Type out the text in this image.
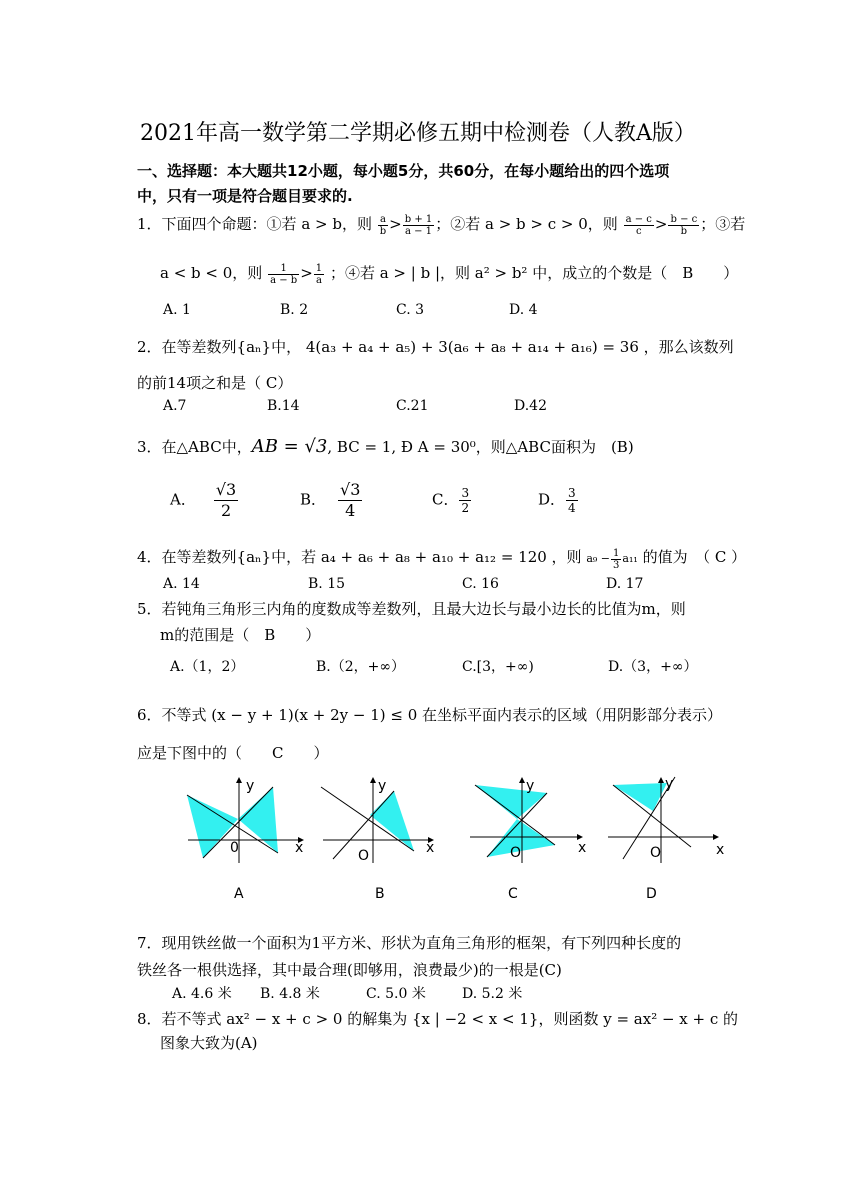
2021年高一数学第二学期必修五期中检测卷（人教A版）
一、选择题：本大题共12小题，每小题5分，共60分，在每小题给出的四个选项
中，只有一项是符合题目要求的.
1．下面四个命题：①若 a > b，则 $\frac{a}{b} > \frac{b + 1}{a - 1}$ ；②若 a > b > c > 0，则 $\frac{a - c}{c} > \frac{b - c}{b}$ ；③若
a < b < 0，则 $\frac{1}{a - b} > \frac{1}{a}$ ；④若 a > | b |，则 a² > b² 中，成立的个数是（　B　　）
A. 1	B. 2	C. 3	D. 4
2．在等差数列{aₙ}中， 4(a₃ + a₄ + a₅) + 3(a₆ + a₈ + a₁₄ + a₁₆) = 36 ，那么该数列
的前14项之和是（ C）
A.7	B.14	C.21	D.42
3．在△ABC中，AB = √3, BC = 1, Ð A = 30⁰，则△ABC面积为　(B)
A． $\frac{√3}{2}$	B． $\frac{√3}{4}$	C． $\frac{3}{2}$	D． $\frac{3}{4}$
4．在等差数列{aₙ}中，若 a₄ + a₆ + a₈ + a₁₀ + a₁₂ = 120 ，则 $a_9 - \frac{1}{3} a_{11}$ 的值为　（ C ）
A. 14	B. 15	C. 16	D. 17
5．若钝角三角形三内角的度数成等差数列，且最大边长与最小边长的比值为m，则
m的范围是（　B　　）
A.（1，2）	B.（2，+∞）	C.[3，+∞)	D.（3，+∞）
6．不等式 (x − y + 1)(x + 2y − 1) ≤ 0 在坐标平面内表示的区域（用阴影部分表示）
应是下图中的（　　C　　）
y
x
0
A
y
x
O
B
y
x
O
C
y
x
O
D
7．现用铁丝做一个面积为1平方米、形状为直角三角形的框架，有下列四种长度的
铁丝各一根供选择，其中最合理(即够用，浪费最少)的一根是(C)
A. 4.6 米 B. 4.8 米	C. 5.0 米	D. 5.2 米
8．若不等式 ax² − x + c > 0 的解集为 {x | −2 < x < 1}，则函数 y = ax² − x + c 的
图象大致为(A)
